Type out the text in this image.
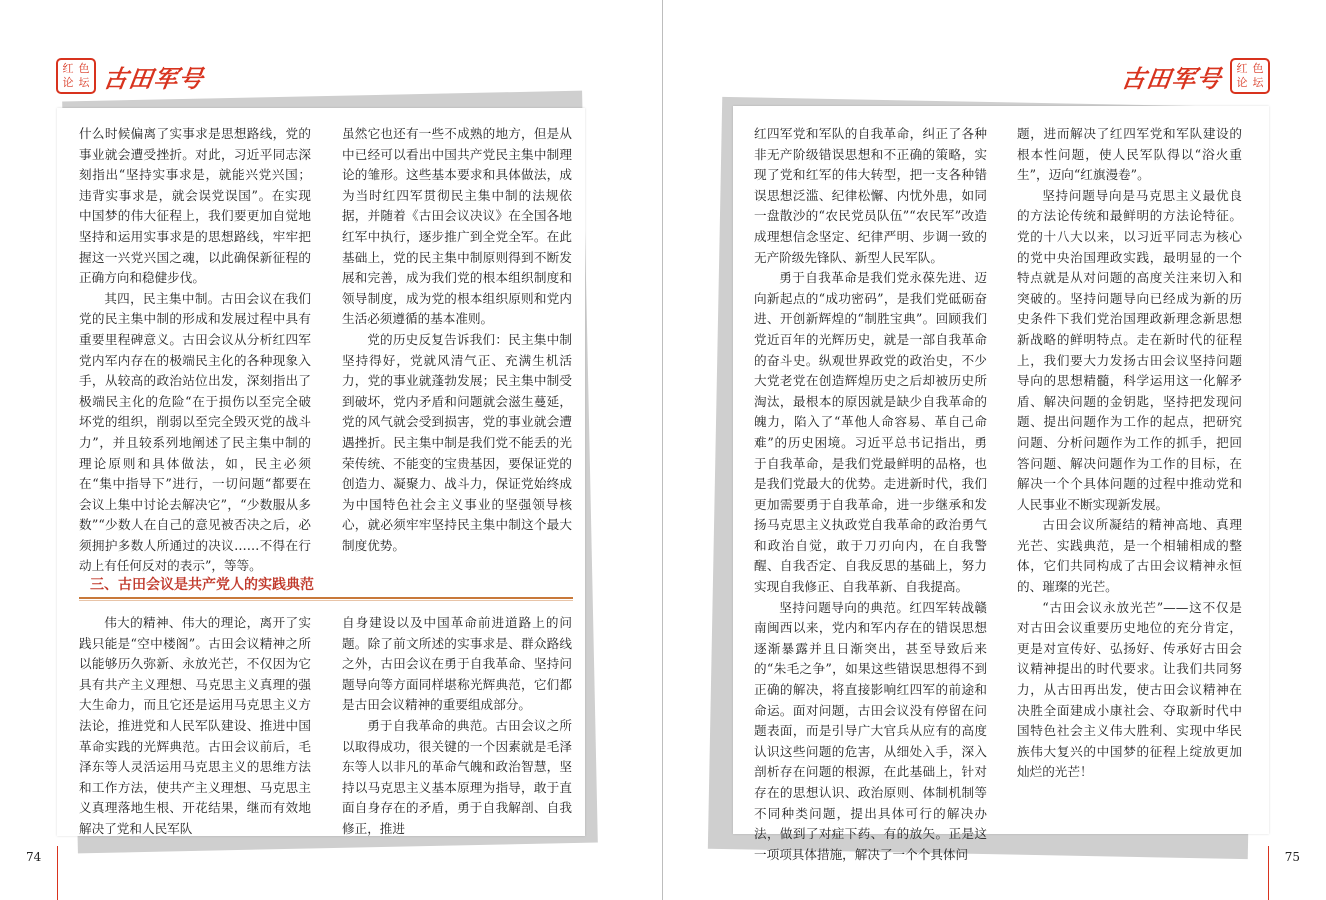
红 色
论 坛 古田军号

什么时候偏离了实事求是思想路线，党的事业就会遭受挫折。对此，习近平同志深刻指出“坚持实事求是，就能兴党兴国；违背实事求是，就会误党误国”。在实现中国梦的伟大征程上，我们要更加自觉地坚持和运用实事求是的思想路线，牢牢把握这一兴党兴国之魂，以此确保新征程的正确方向和稳健步伐。

其四，民主集中制。古田会议在我们党的民主集中制的形成和发展过程中具有重要里程碑意义。古田会议从分析红四军党内军内存在的极端民主化的各种现象入手，从较高的政治站位出发，深刻指出了极端民主化的危险“在于损伤以至完全破坏党的组织，削弱以至完全毁灭党的战斗力”，并且较系列地阐述了民主集中制的理论原则和具体做法，如，民主必须在“集中指导下”进行，一切问题“都要在会议上集中讨论去解决它”，“少数服从多数”“少数人在自己的意见被否决之后，必须拥护多数人所通过的决议……不得在行动上有任何反对的表示”，等等。

虽然它也还有一些不成熟的地方，但是从中已经可以看出中国共产党民主集中制理论的雏形。这些基本要求和具体做法，成为当时红四军贯彻民主集中制的法规依据，并随着《古田会议决议》在全国各地红军中执行，逐步推广到全党全军。在此基础上，党的民主集中制原则得到不断发展和完善，成为我们党的根本组织制度和领导制度，成为党的根本组织原则和党内生活必须遵循的基本准则。

党的历史反复告诉我们：民主集中制坚持得好，党就风清气正、充满生机活力，党的事业就蓬勃发展；民主集中制受到破坏，党内矛盾和问题就会滋生蔓延，党的风气就会受到损害，党的事业就会遭遇挫折。民主集中制是我们党不能丢的光荣传统、不能变的宝贵基因，要保证党的创造力、凝聚力、战斗力，保证党始终成为中国特色社会主义事业的坚强领导核心，就必须牢牢坚持民主集中制这个最大制度优势。

三、古田会议是共产党人的实践典范

伟大的精神、伟大的理论，离开了实践只能是“空中楼阁”。古田会议精神之所以能够历久弥新、永放光芒，不仅因为它具有共产主义理想、马克思主义真理的强大生命力，而且它还是运用马克思主义方法论，推进党和人民军队建设、推进中国革命实践的光辉典范。古田会议前后，毛泽东等人灵活运用马克思主义的思维方法和工作方法，使共产主义理想、马克思主义真理落地生根、开花结果，继而有效地解决了党和人民军队

自身建设以及中国革命前进道路上的问题。除了前文所述的实事求是、群众路线之外，古田会议在勇于自我革命、坚持问题导向等方面同样堪称光辉典范，它们都是古田会议精神的重要组成部分。

勇于自我革命的典范。古田会议之所以取得成功，很关键的一个因素就是毛泽东等人以非凡的革命气魄和政治智慧，坚持以马克思主义基本原理为指导，敢于直面自身存在的矛盾，勇于自我解剖、自我修正，推进

74
红 色
论 坛
古田军号

红四军党和军队的自我革命，纠正了各种非无产阶级错误思想和不正确的策略，实现了党和红军的伟大转型，把一支各种错误思想泛滥、纪律松懈、内忧外患，如同一盘散沙的“农民党员队伍”“农民军”改造成理想信念坚定、纪律严明、步调一致的无产阶级先锋队、新型人民军队。

勇于自我革命是我们党永葆先进、迈向新起点的“成功密码”，是我们党砥砺奋进、开创新辉煌的“制胜宝典”。回顾我们党近百年的光辉历史，就是一部自我革命的奋斗史。纵观世界政党的政治史，不少大党老党在创造辉煌历史之后却被历史所淘汰，最根本的原因就是缺少自我革命的魄力，陷入了“革他人命容易、革自己命难”的历史困境。习近平总书记指出，勇于自我革命，是我们党最鲜明的品格，也是我们党最大的优势。走进新时代，我们更加需要勇于自我革命，进一步继承和发扬马克思主义执政党自我革命的政治勇气和政治自觉，敢于刀刃向内，在自我警醒、自我否定、自我反思的基础上，努力实现自我修正、自我革新、自我提高。

坚持问题导向的典范。红四军转战赣南闽西以来，党内和军内存在的错误思想逐渐暴露并且日渐突出，甚至导致后来的“朱毛之争”，如果这些错误思想得不到正确的解决，将直接影响红四军的前途和命运。面对问题，古田会议没有停留在问题表面，而是引导广大官兵从应有的高度认识这些问题的危害，从细处入手，深入剖析存在问题的根源，在此基础上，针对存在的思想认识、政治原则、体制机制等不同种类问题，提出具体可行的解决办法，做到了对症下药、有的放矢。正是这一项项具体措施，解决了一个个具体问

题，进而解决了红四军党和军队建设的根本性问题，使人民军队得以“浴火重生”，迈向“红旗漫卷”。

坚持问题导向是马克思主义最优良的方法论传统和最鲜明的方法论特征。党的十八大以来，以习近平同志为核心的党中央治国理政实践，最明显的一个特点就是从对问题的高度关注来切入和突破的。坚持问题导向已经成为新的历史条件下我们党治国理政新理念新思想新战略的鲜明特点。走在新时代的征程上，我们要大力发扬古田会议坚持问题导向的思想精髓，科学运用这一化解矛盾、解决问题的金钥匙，坚持把发现问题、提出问题作为工作的起点，把研究问题、分析问题作为工作的抓手，把回答问题、解决问题作为工作的目标，在解决一个个具体问题的过程中推动党和人民事业不断实现新发展。

古田会议所凝结的精神高地、真理光芒、实践典范，是一个相辅相成的整体，它们共同构成了古田会议精神永恒的、璀璨的光芒。

“古田会议永放光芒”——这不仅是对古田会议重要历史地位的充分肯定，更是对宣传好、弘扬好、传承好古田会议精神提出的时代要求。让我们共同努力，从古田再出发，使古田会议精神在决胜全面建成小康社会、夺取新时代中国特色社会主义伟大胜利、实现中华民族伟大复兴的中国梦的征程上绽放更加灿烂的光芒！

75
